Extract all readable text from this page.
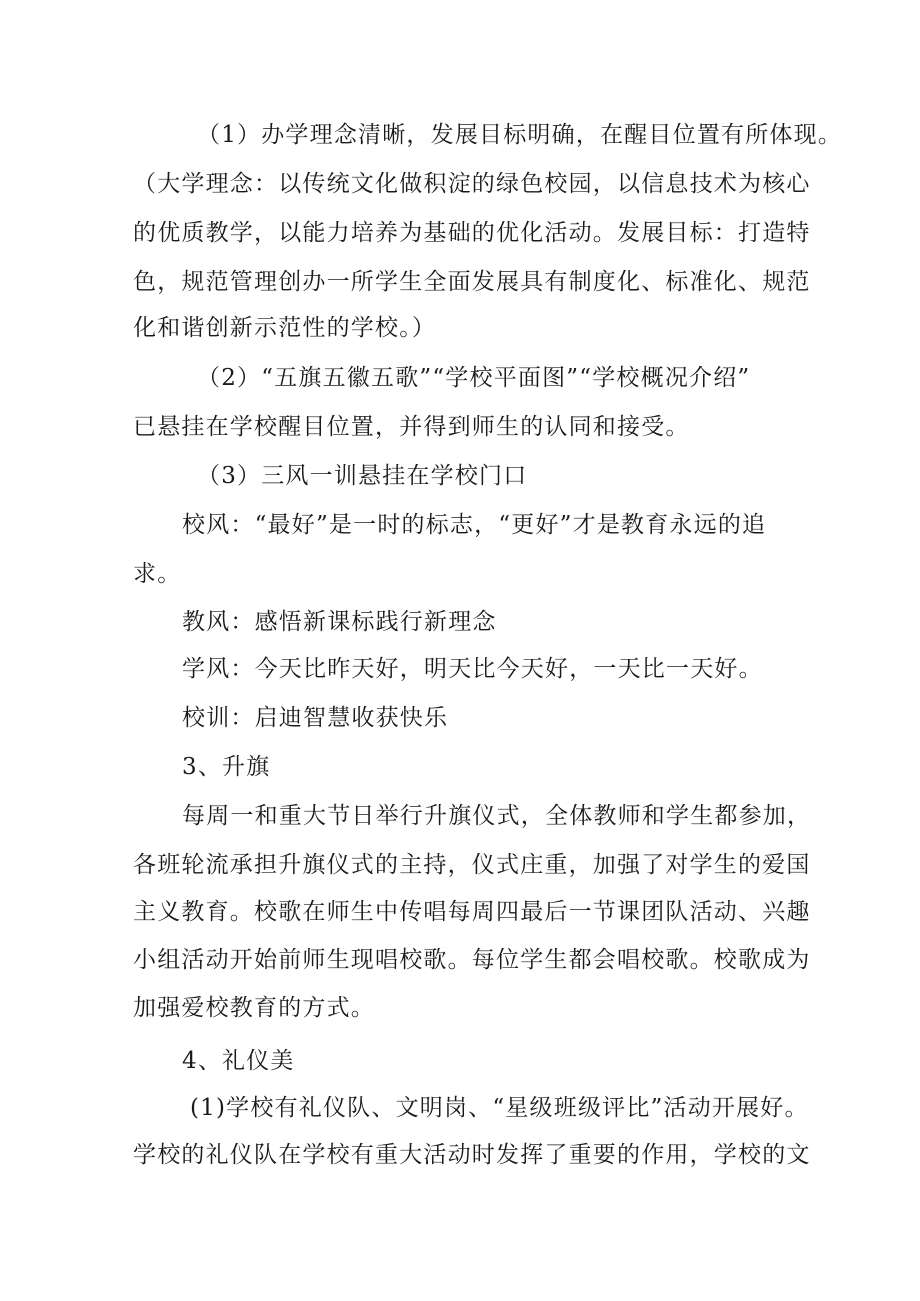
（1）办学理念清晰，发展目标明确，在醒目位置有所体现。

（大学理念：以传统文化做积淀的绿色校园，以信息技术为核心

的优质教学，以能力培养为基础的优化活动。发展目标：打造特

色，规范管理创办一所学生全面发展具有制度化、标准化、规范

化和谐创新示范性的学校。）

（2）“五旗五徽五歌”“学校平面图”“学校概况介绍”

已悬挂在学校醒目位置，并得到师生的认同和接受。

（3）三风一训悬挂在学校门口

校风：“最好”是一时的标志，“更好”才是教育永远的追

求。

教风：感悟新课标践行新理念

学风：今天比昨天好，明天比今天好，一天比一天好。

校训：启迪智慧收获快乐

3、升旗

每周一和重大节日举行升旗仪式，全体教师和学生都参加，

各班轮流承担升旗仪式的主持，仪式庄重，加强了对学生的爱国

主义教育。校歌在师生中传唱每周四最后一节课团队活动、兴趣

小组活动开始前师生现唱校歌。每位学生都会唱校歌。校歌成为

加强爱校教育的方式。

4、礼仪美

(1)学校有礼仪队、文明岗、“星级班级评比”活动开展好。

学校的礼仪队在学校有重大活动时发挥了重要的作用，学校的文
